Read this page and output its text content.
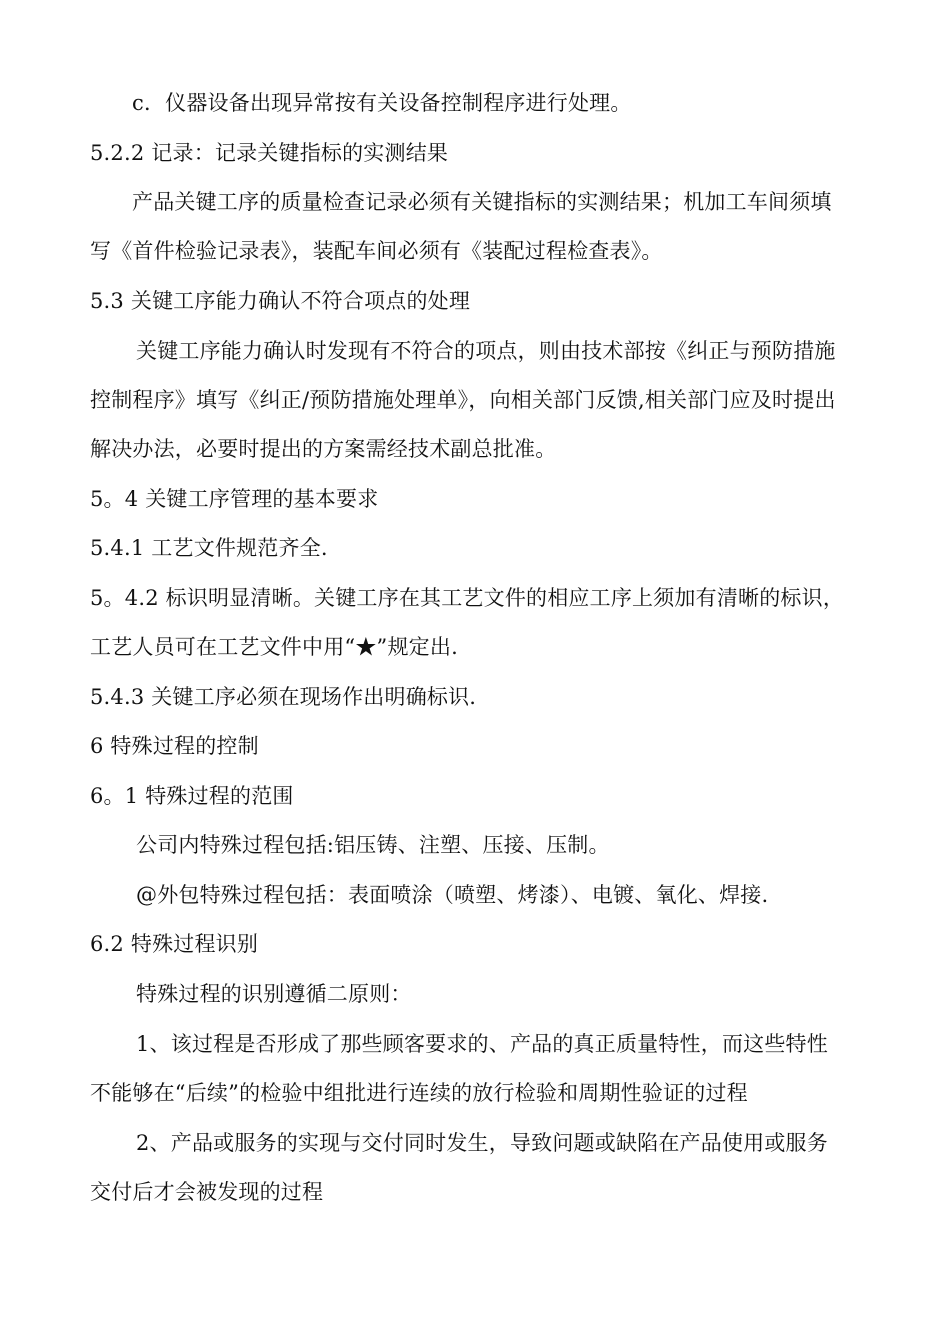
c．仪器设备出现异常按有关设备控制程序进行处理。
5.2.2 记录：记录关键指标的实测结果
产品关键工序的质量检查记录必须有关键指标的实测结果；机加工车间须填
写《首件检验记录表》，装配车间必须有《装配过程检查表》。
5.3 关键工序能力确认不符合项点的处理
关键工序能力确认时发现有不符合的项点，则由技术部按《纠正与预防措施
控制程序》填写《纠正/预防措施处理单》，向相关部门反馈,相关部门应及时提出
解决办法，必要时提出的方案需经技术副总批准。
5。4 关键工序管理的基本要求
5.4.1 工艺文件规范齐全.
5。4.2 标识明显清晰。关键工序在其工艺文件的相应工序上须加有清晰的标识，
工艺人员可在工艺文件中用“★”规定出.
5.4.3 关键工序必须在现场作出明确标识.
6 特殊过程的控制
6。1 特殊过程的范围
公司内特殊过程包括:铝压铸、注塑、压接、压制。
@外包特殊过程包括：表面喷涂（喷塑、烤漆）、电镀、氧化、焊接.
6.2 特殊过程识别
特殊过程的识别遵循二原则：
1、该过程是否形成了那些顾客要求的、产品的真正质量特性，而这些特性
不能够在“后续”的检验中组批进行连续的放行检验和周期性验证的过程
2、产品或服务的实现与交付同时发生，导致问题或缺陷在产品使用或服务
交付后才会被发现的过程
